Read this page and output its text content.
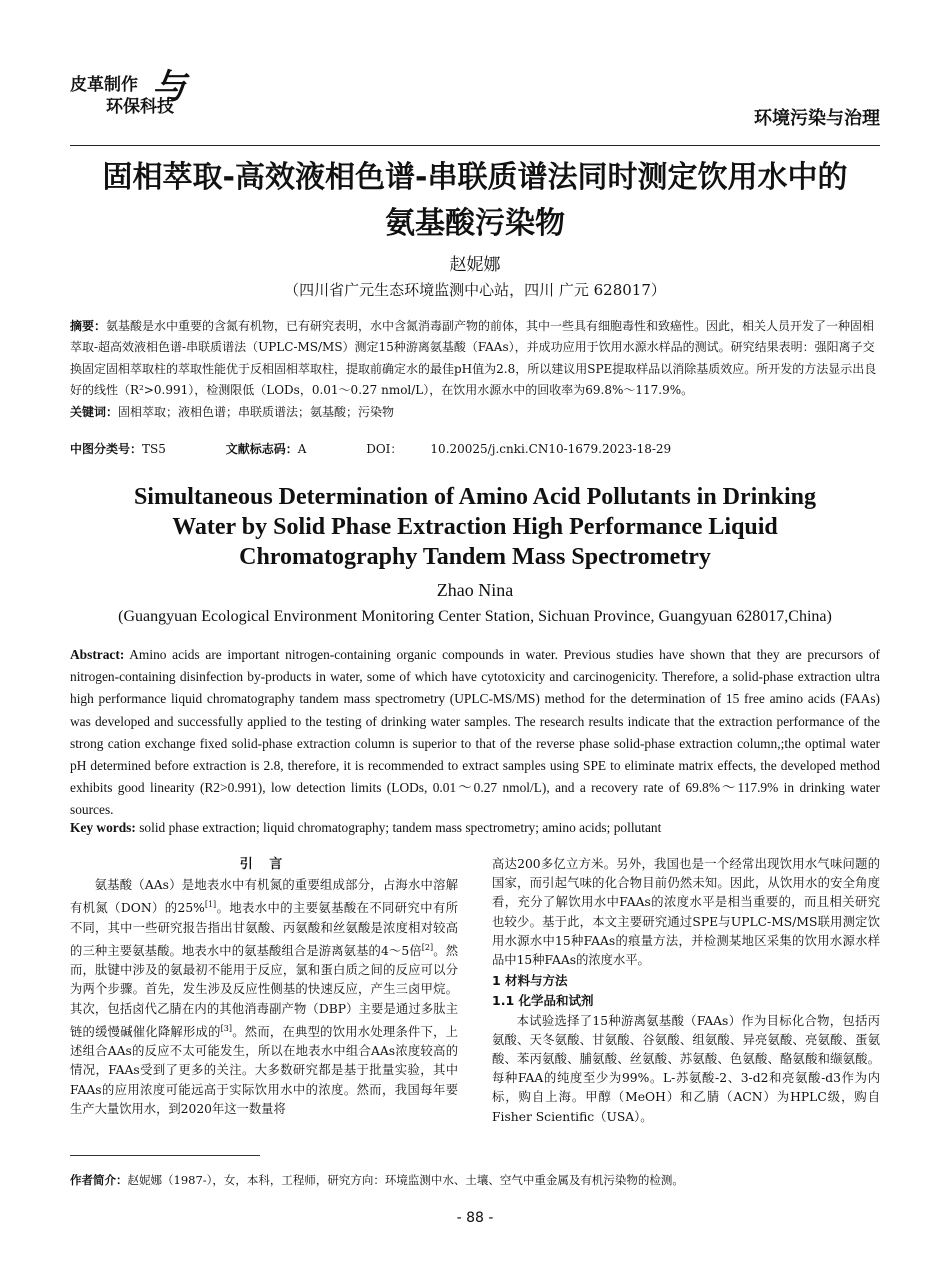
皮革制作
环保科技
与
环境污染与治理
固相萃取-高效液相色谱-串联质谱法同时测定饮用水中的
氨基酸污染物
赵妮娜
（四川省广元生态环境监测中心站，四川 广元 628017）
摘要：氨基酸是水中重要的含氮有机物，已有研究表明，水中含氮消毒副产物的前体，其中一些具有细胞毒性和致癌性。因此，相关人员开发了一种固相萃取-超高效液相色谱-串联质谱法（UPLC-MS/MS）测定15种游离氨基酸（FAAs），并成功应用于饮用水源水样品的测试。研究结果表明：强阳离子交换固定固相萃取柱的萃取性能优于反相固相萃取柱，提取前确定水的最佳pH值为2.8，所以建议用SPE提取样品以消除基质效应。所开发的方法显示出良好的线性（R²>0.991），检测限低（LODs，0.01～0.27 nmol/L），在饮用水源水中的回收率为69.8%～117.9%。
关键词：固相萃取；液相色谱；串联质谱法；氨基酸；污染物
中图分类号：TS5	文献标志码：A	DOI： 10.20025/j.cnki.CN10-1679.2023-18-29
Simultaneous Determination of Amino Acid Pollutants in Drinking
Water by Solid Phase Extraction High Performance Liquid
Chromatography Tandem Mass Spectrometry
Zhao Nina
(Guangyuan Ecological Environment Monitoring Center Station, Sichuan Province, Guangyuan 628017,China)
Abstract: Amino acids are important nitrogen-containing organic compounds in water. Previous studies have shown that they are precursors of nitrogen-containing disinfection by-products in water, some of which have cytotoxicity and carcinogenicity. Therefore, a solid-phase extraction ultra high performance liquid chromatography tandem mass spectrometry (UPLC-MS/MS) method for the determination of 15 free amino acids (FAAs) was developed and successfully applied to the testing of drinking water samples. The research results indicate that the extraction performance of the strong cation exchange fixed solid-phase extraction column is superior to that of the reverse phase solid-phase extraction column,;the optimal water pH determined before extraction is 2.8, therefore, it is recommended to extract samples using SPE to eliminate matrix effects, the developed method exhibits good linearity (R2>0.991), low detection limits (LODs, 0.01～0.27 nmol/L), and a recovery rate of 69.8%～117.9% in drinking water sources.
Key words: solid phase extraction; liquid chromatography; tandem mass spectrometry; amino acids; pollutant
引 言

氨基酸（AAs）是地表水中有机氮的重要组成部分，占海水中溶解有机氮（DON）的25%[1]。地表水中的主要氨基酸在不同研究中有所不同，其中一些研究报告指出甘氨酸、丙氨酸和丝氨酸是浓度相对较高的三种主要氨基酸。地表水中的氨基酸组合是游离氨基的4～5倍[2]。然而，肽键中涉及的氨最初不能用于反应，氯和蛋白质之间的反应可以分为两个步骤。首先，发生涉及反应性侧基的快速反应，产生三卤甲烷。其次，包括卤代乙腈在内的其他消毒副产物（DBP）主要是通过多肽主链的缓慢碱催化降解形成的[3]。然而，在典型的饮用水处理条件下，上述组合AAs的反应不太可能发生，所以在地表水中组合AAs浓度较高的情况，FAAs受到了更多的关注。大多数研究都是基于批量实验，其中FAAs的应用浓度可能远高于实际饮用水中的浓度。然而，我国每年要生产大量饮用水，到2020年这一数量将

高达200多亿立方米。另外，我国也是一个经常出现饮用水气味问题的国家，而引起气味的化合物目前仍然未知。因此，从饮用水的安全角度看，充分了解饮用水中FAAs的浓度水平是相当重要的，而且相关研究也较少。基于此，本文主要研究通过SPE与UPLC-MS/MS联用测定饮用水源水中15种FAAs的痕量方法，并检测某地区采集的饮用水源水样品中15种FAAs的浓度水平。

1 材料与方法
1.1 化学品和试剂

本试验选择了15种游离氨基酸（FAAs）作为目标化合物，包括丙氨酸、天冬氨酸、甘氨酸、谷氨酸、组氨酸、异亮氨酸、亮氨酸、蛋氨酸、苯丙氨酸、脯氨酸、丝氨酸、苏氨酸、色氨酸、酪氨酸和缬氨酸。每种FAA的纯度至少为99%。L-苏氨酸-2、3-d2和亮氨酸-d3作为内标，购自上海。甲醇（MeOH）和乙腈（ACN）为HPLC级，购自Fisher Scientific（USA）。

作者简介：赵妮娜（1987-），女，本科，工程师，研究方向：环境监测中水、土壤、空气中重金属及有机污染物的检测。
- 88 -
